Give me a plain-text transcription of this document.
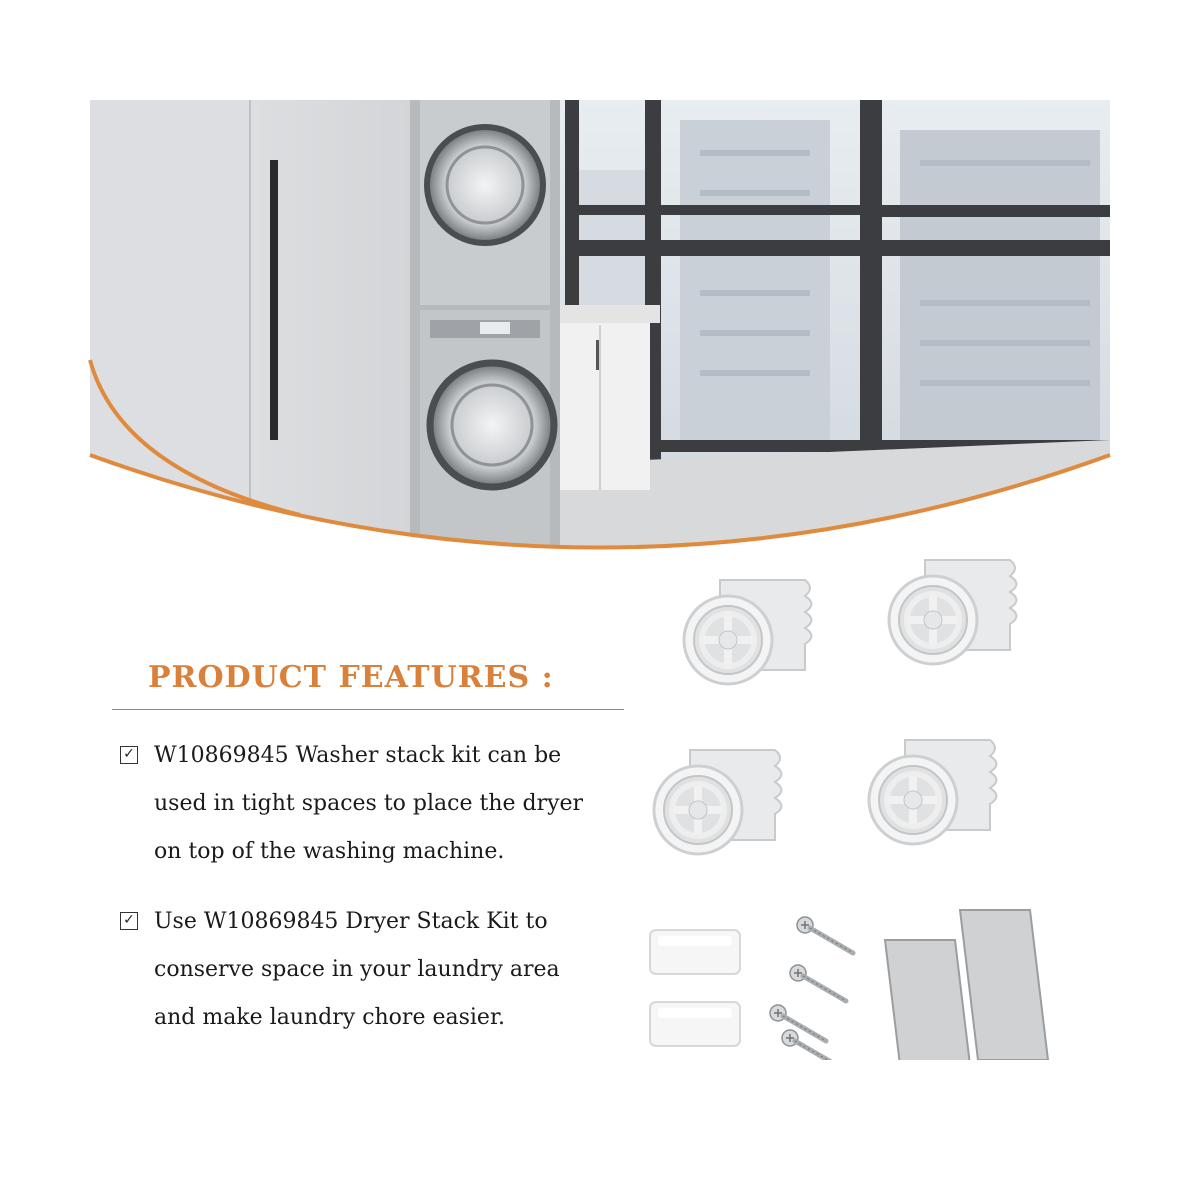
PRODUCT FEATURES :
✓ W10869845 Washer stack kit can be
used in tight spaces to place the dryer
on top of the washing machine.
✓ Use W10869845 Dryer Stack Kit to
conserve space in your laundry area
and make laundry chore easier.
